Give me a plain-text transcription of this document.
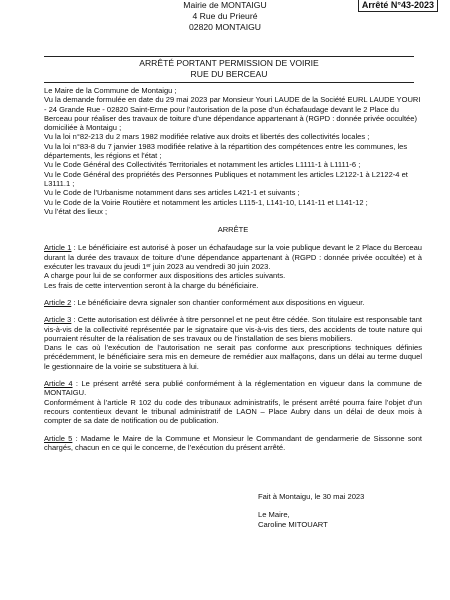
Mairie de MONTAIGU
4 Rue du Prieuré
02820 MONTAIGU
Arrêté N°43-2023
ARRÊTÉ PORTANT PERMISSION DE VOIRIE
RUE DU BERCEAU

Le Maire de la Commune de Montaigu ;

Vu la demande formulée en date du 29 mai 2023 par Monsieur Youri LAUDE de la Société EURL LAUDE YOURI - 24 Grande Rue - 02820 Saint-Erme pour l’autorisation de la pose d’un échafaudage devant le 2 Place du Berceau pour réaliser des travaux de toiture d’une dépendance appartenant à (RGPD : donnée privée occultée) domiciliée à Montaigu ;

Vu la loi n°82-213 du 2 mars 1982 modifiée relative aux droits et libertés des collectivités locales ;

Vu la loi n°83-8 du 7 janvier 1983 modifiée relative à la répartition des compétences entre les communes, les départements, les régions et l’état ;

Vu le Code Général des Collectivités Territoriales et notamment les articles L1111-1 à L1111-6 ;

Vu le Code Général des propriétés des Personnes Publiques et notamment les articles L2122-1 à L2122-4 et L3111.1 ;

Vu le Code de l’Urbanisme notamment dans ses articles L421-1 et suivants ;

Vu le Code de la Voirie Routière et notamment les articles L115-1, L141-10, L141-11 et L141-12 ;

Vu l’état des lieux ;

ARRÊTE

Article 1 : Le bénéficiaire est autorisé à poser un échafaudage sur la voie publique devant le 2 Place du Berceau durant la durée des travaux de toiture d’une dépendance appartenant à (RGPD : donnée privée occultée) et à exécuter les travaux du jeudi 1er juin 2023 au vendredi 30 juin 2023.

A charge pour lui de se conformer aux dispositions des articles suivants.

Les frais de cette intervention seront à la charge du bénéficiaire.

Article 2 : Le bénéficiaire devra signaler son chantier conformément aux dispositions en vigueur.

Article 3 : Cette autorisation est délivrée à titre personnel et ne peut être cédée. Son titulaire est responsable tant vis-à-vis de la collectivité représentée par le signataire que vis-à-vis des tiers, des accidents de toute nature qui pourraient résulter de la réalisation de ses travaux ou de l’installation de ses biens mobiliers.

Dans le cas où l’exécution de l’autorisation ne serait pas conforme aux prescriptions techniques définies précédemment, le bénéficiaire sera mis en demeure de remédier aux malfaçons, dans un délai au terme duquel le gestionnaire de la voirie se substituera à lui.

Article 4 : Le présent arrêté sera publié conformément à la réglementation en vigueur dans la commune de MONTAIGU.

Conformément à l’article R 102 du code des tribunaux administratifs, le présent arrêté pourra faire l’objet d’un recours contentieux devant le tribunal administratif de LAON – Place Aubry dans un délai de deux mois à compter de sa date de notification ou de publication.

Article 5 : Madame le Maire de la Commune et Monsieur le Commandant de gendarmerie de Sissonne sont chargés, chacun en ce qui le concerne, de l’exécution du présent arrêté.

Fait à Montaigu, le 30 mai 2023

Le Maire,

Caroline MITOUART
